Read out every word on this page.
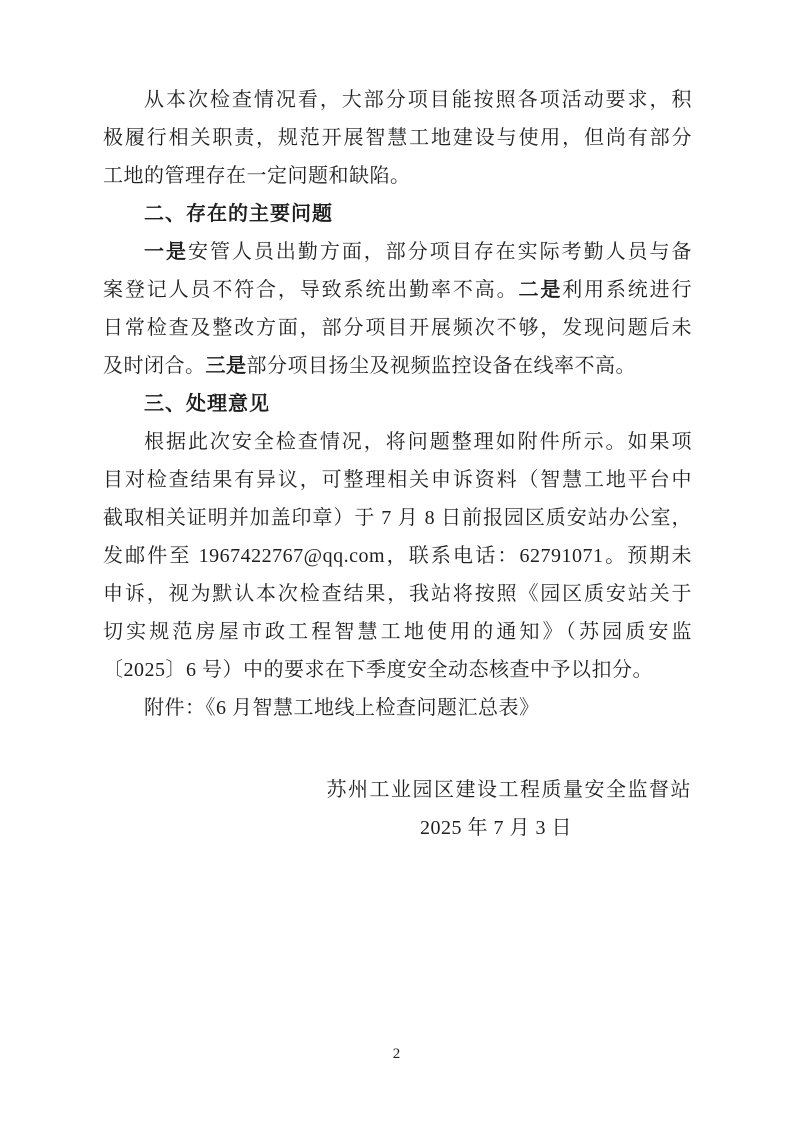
从本次检查情况看，大部分项目能按照各项活动要求，积
极履行相关职责，规范开展智慧工地建设与使用，但尚有部分
工地的管理存在一定问题和缺陷。
二、存在的主要问题
一是安管人员出勤方面，部分项目存在实际考勤人员与备
案登记人员不符合，导致系统出勤率不高。二是利用系统进行
日常检查及整改方面，部分项目开展频次不够，发现问题后未
及时闭合。三是部分项目扬尘及视频监控设备在线率不高。
三、处理意见
根据此次安全检查情况，将问题整理如附件所示。如果项
目对检查结果有异议，可整理相关申诉资料（智慧工地平台中
截取相关证明并加盖印章）于 7 月 8 日前报园区质安站办公室，
发邮件至 1967422767@qq.com，联系电话：62791071。预期未
申诉，视为默认本次检查结果，我站将按照《园区质安站关于
切实规范房屋市政工程智慧工地使用的通知》（苏园质安监
〔2025〕6 号）中的要求在下季度安全动态核查中予以扣分。
附件：《6 月智慧工地线上检查问题汇总表》

苏州工业园区建设工程质量安全监督站
2025 年 7 月 3 日
2
